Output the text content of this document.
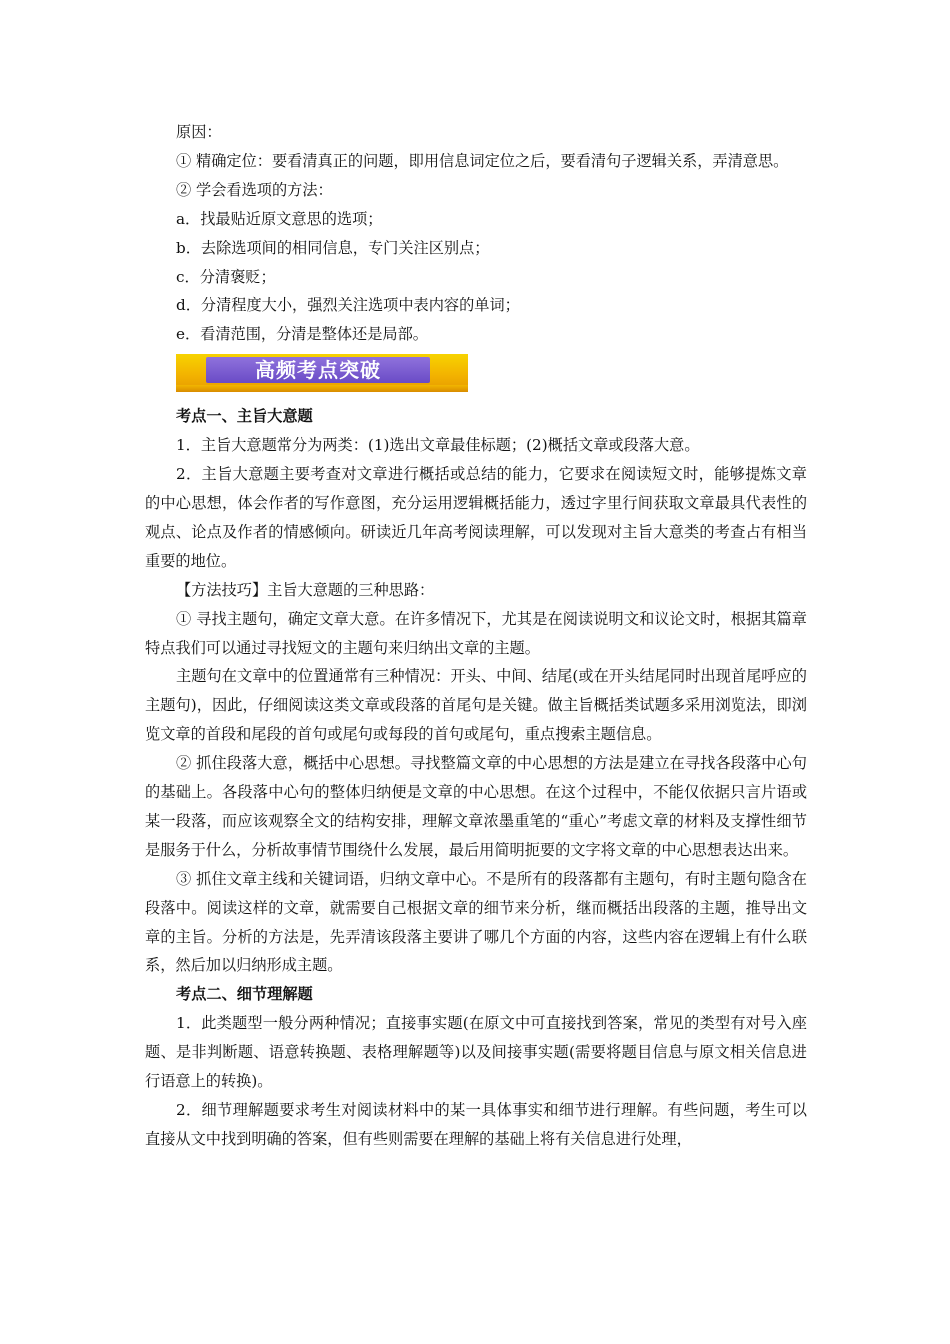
原因：

① 精确定位：要看清真正的问题，即用信息词定位之后，要看清句子逻辑关系，弄清意思。

② 学会看选项的方法：

a．找最贴近原文意思的选项；

b．去除选项间的相同信息，专门关注区别点；

c．分清褒贬；

d．分清程度大小，强烈关注选项中表内容的单词；

e．看清范围，分清是整体还是局部。

高频考点突破

考点一、主旨大意题

1．主旨大意题常分为两类：(1)选出文章最佳标题；(2)概括文章或段落大意。

2．主旨大意题主要考查对文章进行概括或总结的能力，它要求在阅读短文时，能够提炼文章的中心思想，体会作者的写作意图，充分运用逻辑概括能力，透过字里行间获取文章最具代表性的观点、论点及作者的情感倾向。研读近几年高考阅读理解，可以发现对主旨大意类的考查占有相当重要的地位。

【方法技巧】主旨大意题的三种思路：

① 寻找主题句，确定文章大意。在许多情况下，尤其是在阅读说明文和议论文时，根据其篇章特点我们可以通过寻找短文的主题句来归纳出文章的主题。

主题句在文章中的位置通常有三种情况：开头、中间、结尾(或在开头结尾同时出现首尾呼应的主题句)，因此，仔细阅读这类文章或段落的首尾句是关键。做主旨概括类试题多采用浏览法，即浏览文章的首段和尾段的首句或尾句或每段的首句或尾句，重点搜索主题信息。

② 抓住段落大意，概括中心思想。寻找整篇文章的中心思想的方法是建立在寻找各段落中心句的基础上。各段落中心句的整体归纳便是文章的中心思想。在这个过程中，不能仅依据只言片语或某一段落，而应该观察全文的结构安排，理解文章浓墨重笔的“重心”考虑文章的材料及支撑性细节是服务于什么，分析故事情节围绕什么发展，最后用简明扼要的文字将文章的中心思想表达出来。

③ 抓住文章主线和关键词语，归纳文章中心。不是所有的段落都有主题句，有时主题句隐含在段落中。阅读这样的文章，就需要自己根据文章的细节来分析，继而概括出段落的主题，推导出文章的主旨。分析的方法是，先弄清该段落主要讲了哪几个方面的内容，这些内容在逻辑上有什么联系，然后加以归纳形成主题。

考点二、细节理解题

1．此类题型一般分两种情况；直接事实题(在原文中可直接找到答案，常见的类型有对号入座题、是非判断题、语意转换题、表格理解题等)以及间接事实题(需要将题目信息与原文相关信息进行语意上的转换)。

2．细节理解题要求考生对阅读材料中的某一具体事实和细节进行理解。有些问题，考生可以直接从文中找到明确的答案，但有些则需要在理解的基础上将有关信息进行处理，
